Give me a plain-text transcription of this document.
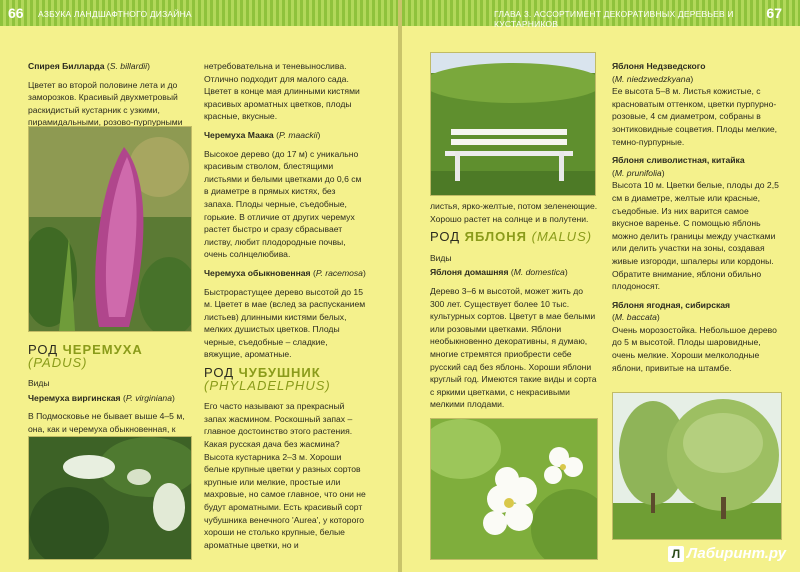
66 АЗБУКА ЛАНДШАФТНОГО ДИЗАЙНА

Спирея Билларда (S. billardii)

Цветет во второй половине лета и до заморозков. Красивый двухметровый раскидистый кустарник с узкими, пирамидальными, розово-пурпурными

РОД ЧЕРЕМУХА (PADUS)
Виды

Черемуха виргинская (P. virginiana)

В Подмосковье не бывает выше 4–5 м, она, как и черемуха обыкновенная, к

нетребовательна и теневынослива. Отлично подходит для малого сада. Цветет в конце мая длинными кистями красивых ароматных цветков, плоды красные, вкусные.

Черемуха Маака (P. maackii)

Высокое дерево (до 17 м) с уникально красивым стволом, блестящими листьями и белыми цветками до 0,6 см в диаметре в прямых кистях, без запаха. Плоды черные, съедобные, горькие. В отличие от других черемух растет быстро и сразу сбрасывает листву, любит плодородные почвы, очень солнцелюбива.

Черемуха обыкновенная (P. racemosa)

Быстрорастущее дерево высотой до 15 м. Цветет в мае (вслед за распусканием листьев) длинными кистями белых, мелких душистых цветков. Плоды черные, съедобные – сладкие, вяжущие, ароматные.

РОД ЧУБУШНИК
(PHYLADELPHUS)

Его часто называют за прекрасный запах жасмином. Роскошный запах – главное достоинство этого растения. Какая русская дача без жасмина? Высота кустарника 2–3 м. Хороши белые крупные цветки у разных сортов крупные или мелкие, простые или махровые, но самое главное, что они не будут ароматными. Есть красивый сорт чубушника венечного 'Aurea', у которого хороши не столько крупные, белые ароматные цветки, но и

ГЛАВА 3. АССОРТИМЕНТ ДЕКОРАТИВНЫХ ДЕРЕВЬЕВ И КУСТАРНИКОВ
67

листья, ярко-желтые, потом зеленеющие. Хорошо растет на солнце и в полутени.

РОД ЯБЛОНЯ (MALUS)
Виды

Яблоня домашняя (M. domestica)

Дерево 3–6 м высотой, может жить до 300 лет. Существует более 10 тыс. культурных сортов. Цветут в мае белыми или розовыми цветками. Яблони необыкновенно декоративны, я думаю, многие стремятся приобрести себе русский сад без яблонь. Хороши яблони круглый год. Имеются такие виды и сорта с яркими цветками, с некрасивыми мелкими плодами.

Яблоня Недзведского

(M. niedzwedzkyana)
Ее высота 5–8 м. Листья кожистые, с красноватым оттенком, цветки пурпурно-розовые, 4 см диаметром, собраны в зонтиковидные соцветия. Плоды мелкие, темно-пурпурные.

Яблоня сливолистная, китайка

(M. prunifolia)
Высота 10 м. Цветки белые, плоды до 2,5 см в диаметре, желтые или красные, съедобные. Из них варится самое вкусное варенье. С помощью яблонь можно делить границы между участками или делить участки на зоны, создавая живые изгороди, шпалеры или кордоны. Обратите внимание, яблони обильно плодоносят.

Яблоня ягодная, сибирская

(M. baccata)
Очень морозостойка. Небольшое дерево до 5 м высотой. Плоды шаровидные, очень мелкие. Хороши мелколодные яблони, привитые на штамбе.

Л Лабиринт.ру
